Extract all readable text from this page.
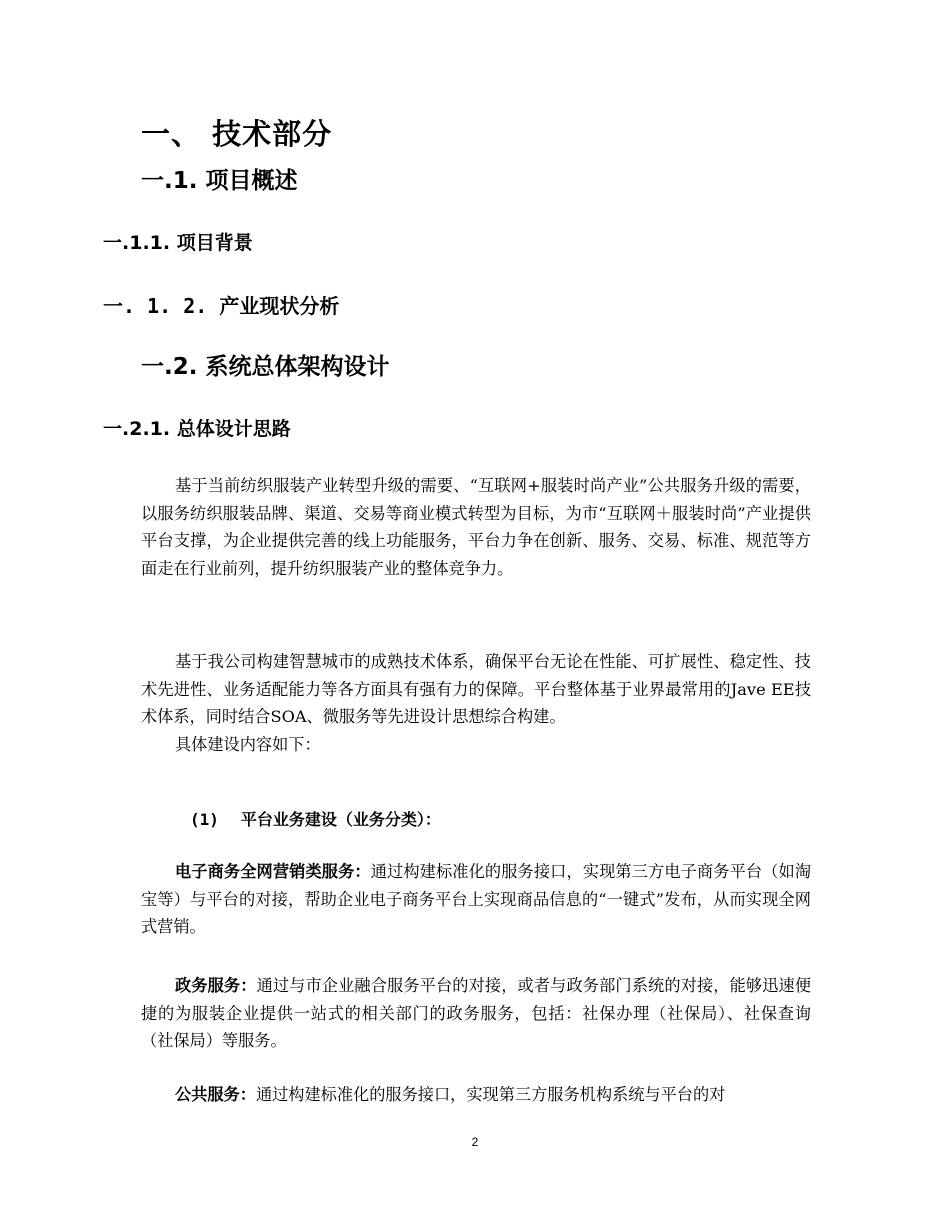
一、 技术部分
一.1. 项目概述
一.1.1. 项目背景
一. 1. 2. 产业现状分析
一.2. 系统总体架构设计
一.2.1. 总体设计思路

基于当前纺织服装产业转型升级的需要、“互联网+服装时尚产业”公共服务升级的需要，以服务纺织服装品牌、渠道、交易等商业模式转型为目标，为市“互联网＋服装时尚”产业提供平台支撑，为企业提供完善的线上功能服务，平台力争在创新、服务、交易、标准、规范等方面走在行业前列，提升纺织服装产业的整体竞争力。

基于我公司构建智慧城市的成熟技术体系，确保平台无论在性能、可扩展性、稳定性、技术先进性、业务适配能力等各方面具有强有力的保障。平台整体基于业界最常用的Jave EE技术体系，同时结合SOA、微服务等先进设计思想综合构建。

具体建设内容如下：

(1) 平台业务建设（业务分类）：

电子商务全网营销类服务：通过构建标准化的服务接口，实现第三方电子商务平台（如淘宝等）与平台的对接，帮助企业电子商务平台上实现商品信息的“一键式”发布，从而实现全网式营销。

政务服务：通过与市企业融合服务平台的对接，或者与政务部门系统的对接，能够迅速便捷的为服装企业提供一站式的相关部门的政务服务，包括：社保办理（社保局）、社保查询（社保局）等服务。

公共服务：通过构建标准化的服务接口，实现第三方服务机构系统与平台的对

2
